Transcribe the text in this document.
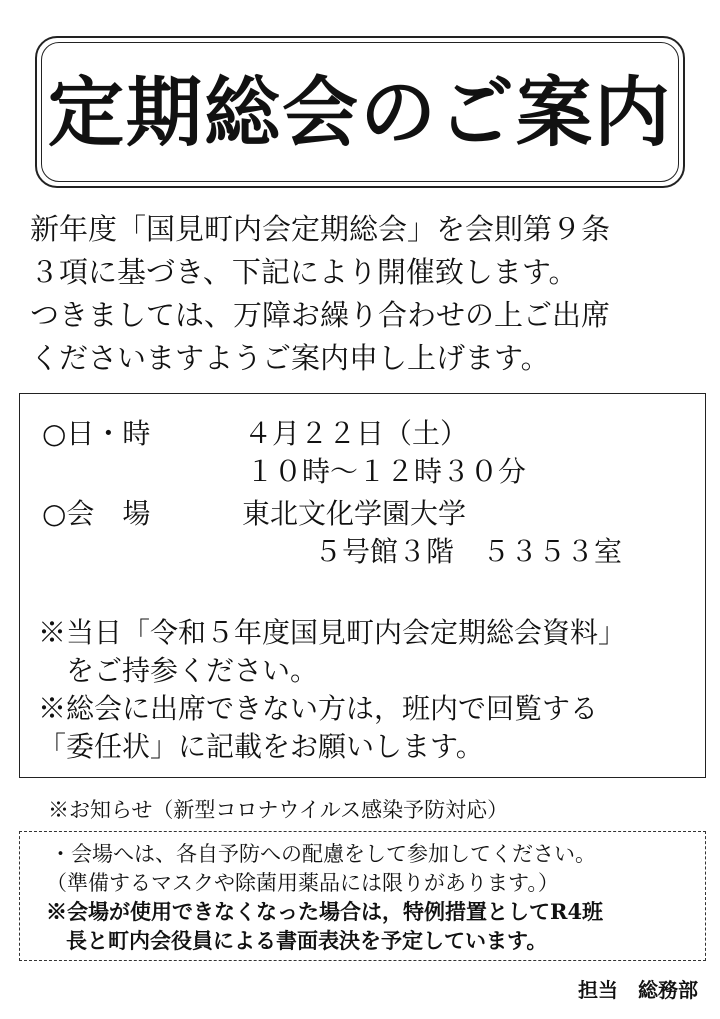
定期総会のご案内
新年度「国見町内会定期総会」を会則第９条
３項に基づき、下記により開催致します。
つきましては、万障お繰り合わせの上ご出席
くださいますようご案内申し上げます。
○日・時	４月２２日（土）
１０時～１２時３０分
○会　場	東北文化学園大学
５号館３階　５３５３室
※当日「令和５年度国見町内会定期総会資料」
　をご持参ください。
※総会に出席できない方は，班内で回覧する
「委任状」に記載をお願いします。
※お知らせ（新型コロナウイルス感染予防対応）
・会場へは、各自予防への配慮をして参加してください。
（準備するマスクや除菌用薬品には限りがあります。）
※会場が使用できなくなった場合は，特例措置としてR4班
長と町内会役員による書面表決を予定しています。
担当　総務部
